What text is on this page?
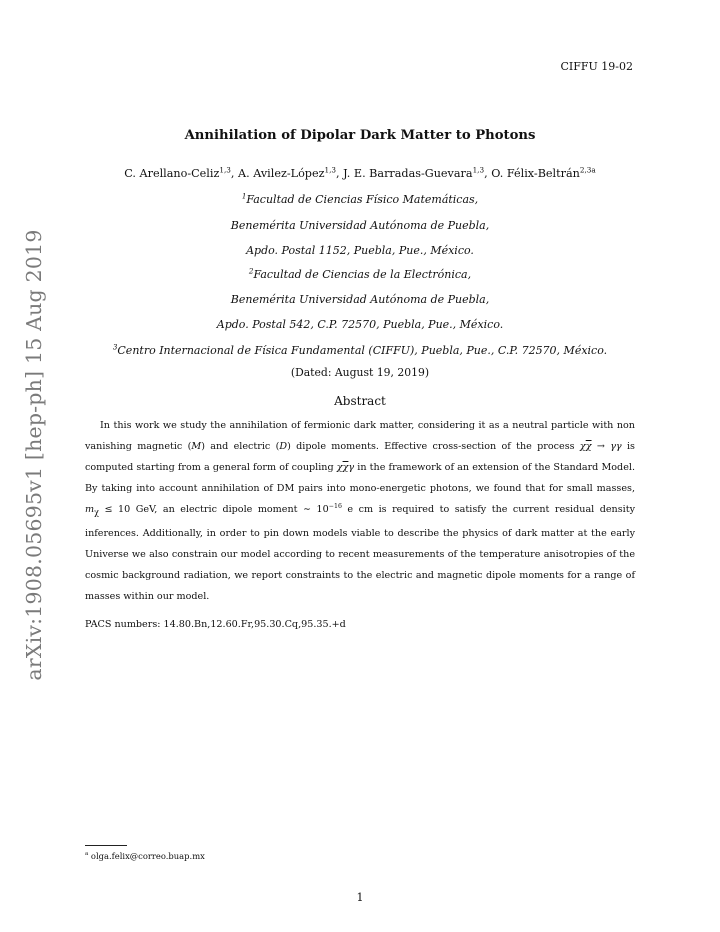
CIFFU 19-02
arXiv:1908.05695v1 [hep-ph] 15 Aug 2019
Annihilation of Dipolar Dark Matter to Photons
C. Arellano-Celiz$^{1,3}$, A. Avilez-López$^{1,3}$, J. E. Barradas-Guevara$^{1,3}$, O. Félix-Beltrán$^{2,3a}$
$^1$Facultad de Ciencias Físico Matemáticas,
Benemérita Universidad Autónoma de Puebla,
Apdo. Postal 1152, Puebla, Pue., México.
$^2$Facultad de Ciencias de la Electrónica,
Benemérita Universidad Autónoma de Puebla,
Apdo. Postal 542, C.P. 72570, Puebla, Pue., México.
$^3$Centro Internacional de Física Fundamental (CIFFU), Puebla, Pue., C.P. 72570, México.
(Dated: August 19, 2019)
Abstract

In this work we study the annihilation of fermionic dark matter, considering it as a neutral particle with non vanishing magnetic (M) and electric (D) dipole moments. Effective cross-section of the process $\chi\overline{\chi} \to \gamma\gamma$ is computed starting from a general form of coupling $\chi\overline{\chi}\gamma$ in the framework of an extension of the Standard Model. By taking into account annihilation of DM pairs into mono-energetic photons, we found that for small masses, $m_\chi \le 10$ GeV, an electric dipole moment ∼ $10^{-16}$ e cm is required to satisfy the current residual density inferences. Additionally, in order to pin down models viable to describe the physics of dark matter at the early Universe we also constrain our model according to recent measurements of the temperature anisotropies of the cosmic background radiation, we report constraints to the electric and magnetic dipole moments for a range of masses within our model.

PACS numbers: 14.80.Bn,12.60.Fr,95.30.Cq,95.35.+d
$^a$ olga.felix@correo.buap.mx
1
